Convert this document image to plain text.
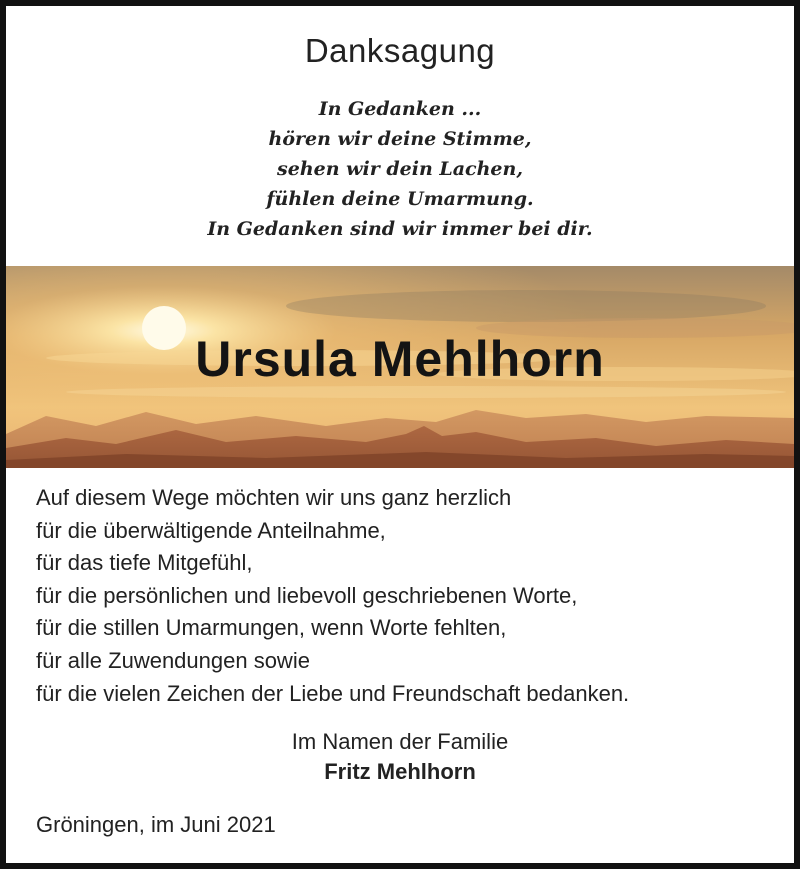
Danksagung
In Gedanken ...
hören wir deine Stimme,
sehen wir dein Lachen,
fühlen deine Umarmung.
In Gedanken sind wir immer bei dir.
Ursula Mehlhorn
Auf diesem Wege möchten wir uns ganz herzlich
für die überwältigende Anteilnahme,
für das tiefe Mitgefühl,
für die persönlichen und liebevoll geschriebenen Worte,
für die stillen Umarmungen, wenn Worte fehlten,
für alle Zuwendungen sowie
für die vielen Zeichen der Liebe und Freundschaft bedanken.
Im Namen der Familie
Fritz Mehlhorn
Gröningen, im Juni 2021
